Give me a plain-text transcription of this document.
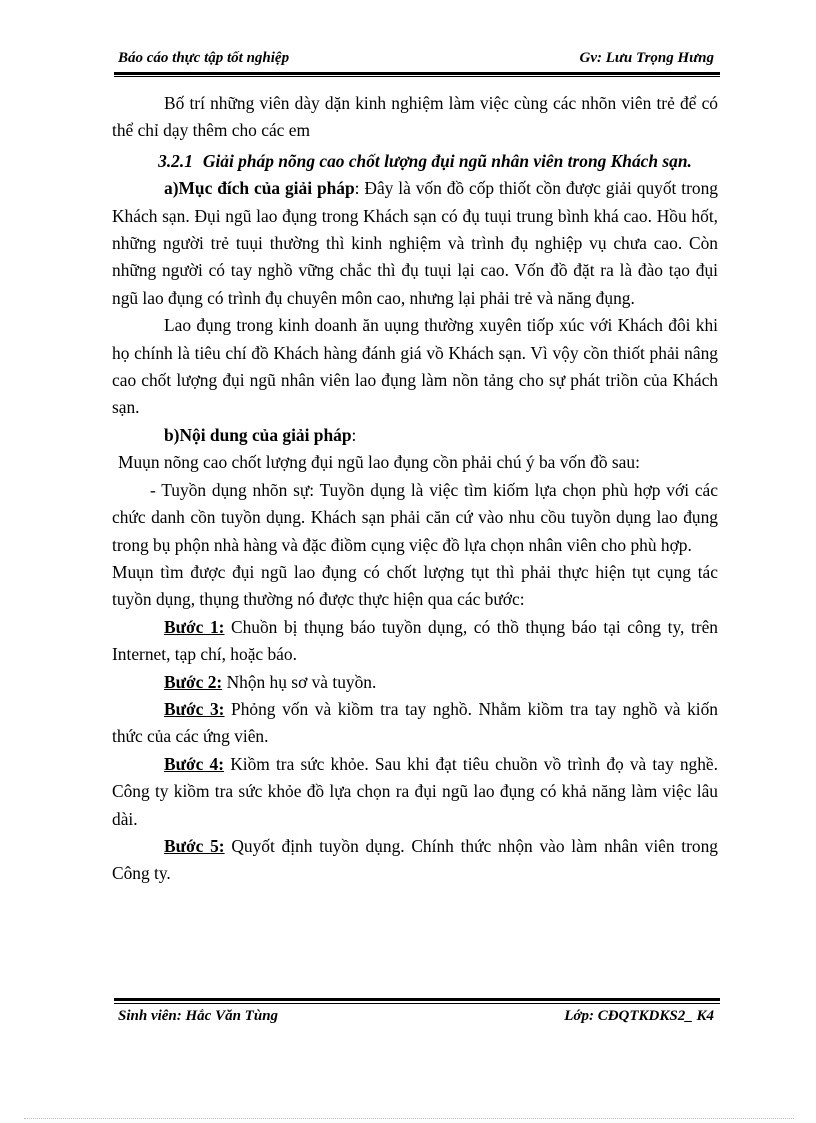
Báo cáo thực tập tốt nghiệp	Gv: Lưu Trọng Hưng

Bố trí những viên dày dặn kinh nghiệm làm việc cùng các nhõn viên trẻ để có thể chỉ dạy thêm cho các em

3.2.1 Giải pháp nõng cao chốt lượng đụi ngũ nhân viên trong Khách sạn.

a)Mục đích của giải pháp: Đây là vốn đồ cốp thiốt cồn được giải quyốt trong Khách sạn. Đụi ngũ lao đụng trong Khách sạn có đụ tuụi trung bình khá cao. Hồu hốt, những người trẻ tuụi thường thì kinh nghiệm và trình đụ nghiệp vụ chưa cao. Còn những người có tay nghồ vững chắc thì đụ tuụi lại cao. Vốn đồ đặt ra là đào tạo đụi ngũ lao đụng có trình đụ chuyên môn cao, nhưng lại phải trẻ và năng đụng.

Lao đụng trong kinh doanh ăn uụng thường xuyên tiốp xúc với Khách đôi khi họ chính là tiêu chí đồ Khách hàng đánh giá vồ Khách sạn. Vì vộy cồn thiốt phải nâng cao chốt lượng đụi ngũ nhân viên lao đụng làm nồn tảng cho sự phát triồn của Khách sạn.

b)Nội dung của giải pháp:

Muụn nõng cao chốt lượng đụi ngũ lao đụng cồn phải chú ý ba vốn đồ sau:

- Tuyồn dụng nhõn sự: Tuyồn dụng là việc tìm kiốm lựa chọn phù hợp với các chức danh cồn tuyồn dụng. Khách sạn phải căn cứ vào nhu cồu tuyồn dụng lao đụng trong bụ phộn nhà hàng và đặc điồm cụng việc đồ lựa chọn nhân viên cho phù hợp.

Muụn tìm được đụi ngũ lao đụng có chốt lượng tụt thì phải thực hiện tụt cụng tác tuyồn dụng, thụng thường nó được thực hiện qua các bước:

Bước 1: Chuồn bị thụng báo tuyồn dụng, có thồ thụng báo tại công ty, trên Internet, tạp chí, hoặc báo.

Bước 2: Nhộn hụ sơ và tuyồn.

Bước 3: Phỏng vốn và kiồm tra tay nghồ. Nhằm kiồm tra tay nghồ và kiốn thức của các ứng viên.

Bước 4: Kiồm tra sức khỏe. Sau khi đạt tiêu chuồn vồ trình đọ và tay nghề. Công ty kiồm tra sức khỏe đồ lựa chọn ra đụi ngũ lao đụng có khả năng làm việc lâu dài.

Bước 5: Quyốt định tuyồn dụng. Chính thức nhộn vào làm nhân viên trong Công ty.

Sinh viên: Hắc Văn Tùng	Lớp: CĐQTKDKS2_ K4
